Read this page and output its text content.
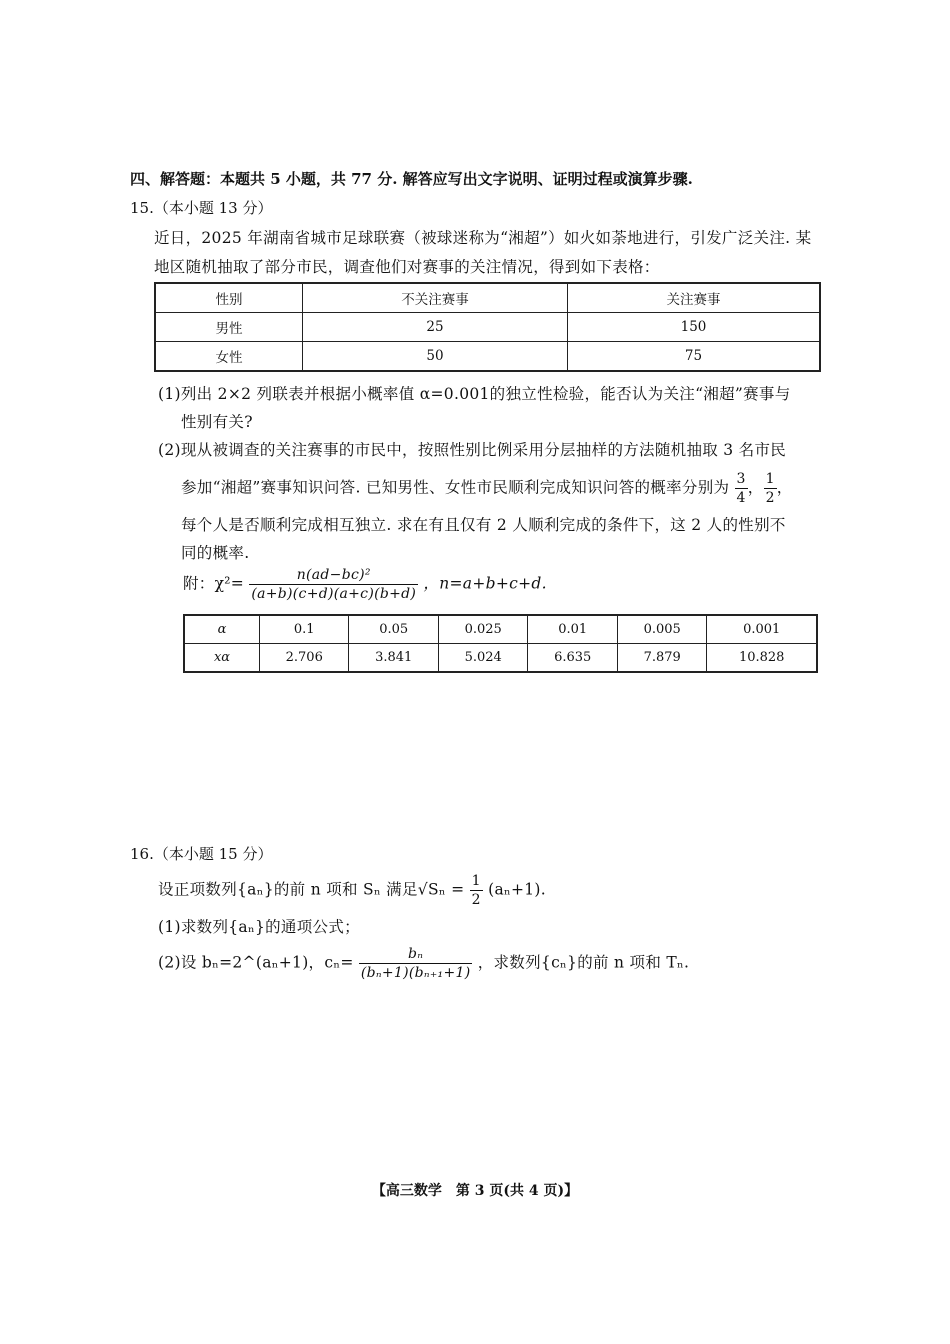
四、解答题：本题共 5 小题，共 77 分. 解答应写出文字说明、证明过程或演算步骤.
15.（本小题 13 分）
近日，2025 年湖南省城市足球联赛（被球迷称为“湘超”）如火如荼地进行，引发广泛关注. 某
地区随机抽取了部分市民，调查他们对赛事的关注情况，得到如下表格：
性别	不关注赛事	关注赛事
男性	25	150
女性	50	75
(1)列出 2×2 列联表并根据小概率值 α=0.001的独立性检验，能否认为关注“湘超”赛事与
性别有关?
(2)现从被调查的关注赛事的市民中，按照性别比例采用分层抽样的方法随机抽取 3 名市民
参加“湘超”赛事知识问答. 已知男性、女性市民顺利完成知识问答的概率分别为 $\frac{3}{4}$ ， $\frac{1}{2}$ ，
每个人是否顺利完成相互独立. 求在有且仅有 2 人顺利完成的条件下，这 2 人的性别不
同的概率.
附：$\chi^2= \frac{\text{n(ad−bc)²}}{(a+b)(c+d)(a+c)(b+d)}$ ，n=a+b+c+d.
α	0.1	0.05	0.025	0.01	0.005	0.001
xα	2.706	3.841	5.024	6.635	7.879	10.828
16.（本小题 15 分）
设正项数列{aₙ}的前 n 项和 Sₙ 满足$√S_n = \frac{1}{2} (a_n+1)$.
(1)求数列{aₙ}的通项公式；
(2)设 bₙ=2^(aₙ+1)，$c_n= \frac{\text{bₙ}}{\text{(bₙ+1)(bₙ₊₁+1)}}$ ，求数列{cₙ}的前 n 项和 Tₙ.
【高三数学　第 3 页(共 4 页)】
